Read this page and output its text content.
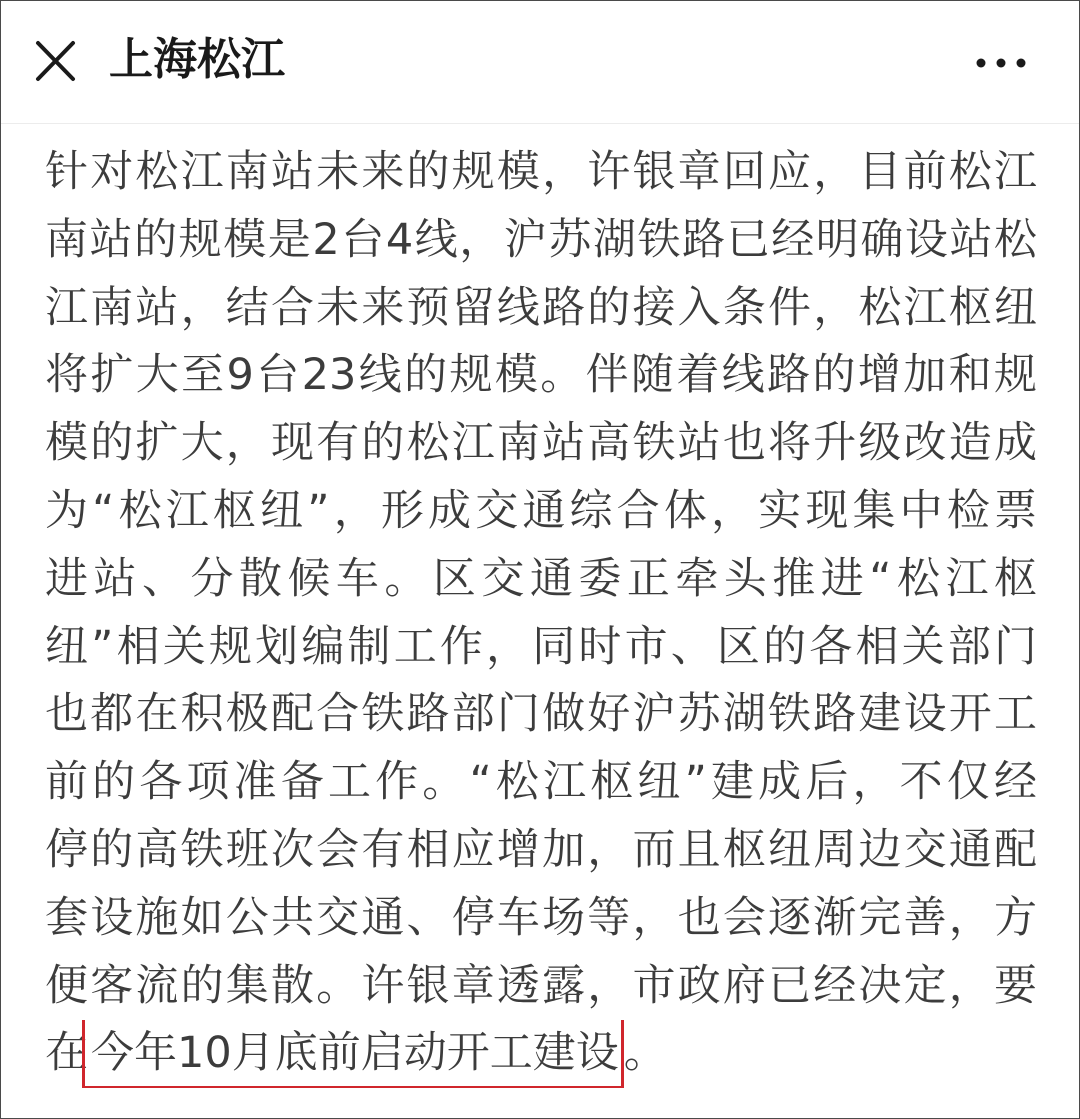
上海松江
针对松江南站未来的规模，许银章回应，目前松江
南站的规模是2台4线，沪苏湖铁路已经明确设站松
江南站，结合未来预留线路的接入条件，松江枢纽
将扩大至9台23线的规模。伴随着线路的增加和规
模的扩大，现有的松江南站高铁站也将升级改造成
为“松江枢纽”，形成交通综合体，实现集中检票
进站、分散候车。区交通委正牵头推进“松江枢
纽”相关规划编制工作，同时市、区的各相关部门
也都在积极配合铁路部门做好沪苏湖铁路建设开工
前的各项准备工作。“松江枢纽”建成后，不仅经
停的高铁班次会有相应增加，而且枢纽周边交通配
套设施如公共交通、停车场等，也会逐渐完善，方
便客流的集散。许银章透露，市政府已经决定，要
在今年10月底前启动开工建设 。
